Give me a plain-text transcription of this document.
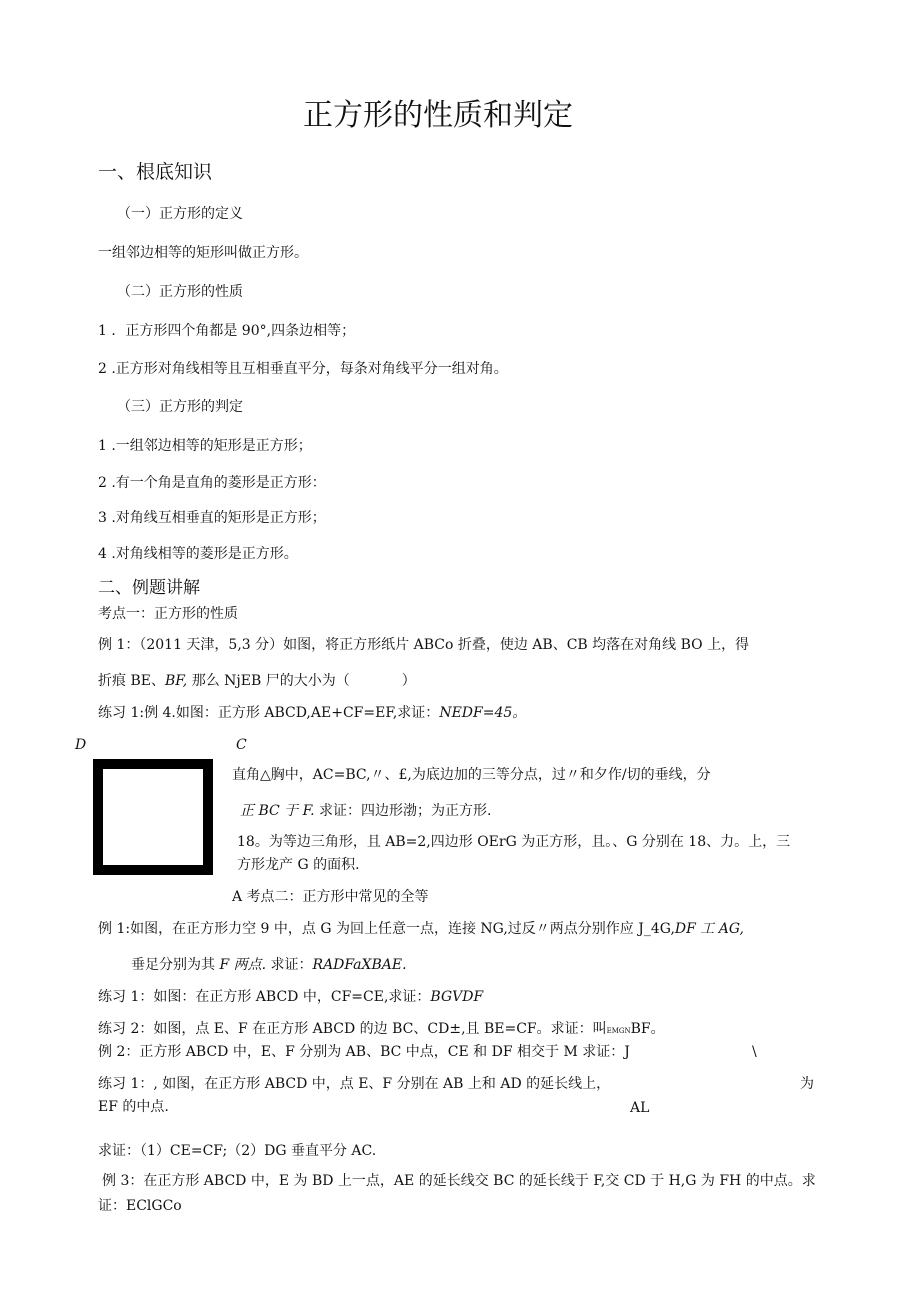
正方形的性质和判定
一、根底知识
（一）正方形的定义
一组邻边相等的矩形叫做正方形。
（二）正方形的性质
1 ．正方形四个角都是 90°,四条边相等；
2 .正方形对角线相等且互相垂直平分，每条对角线平分一组对角。
（三）正方形的判定
1 .一组邻边相等的矩形是正方形；
2 .有一个角是直角的菱形是正方形：
3 .对角线互相垂直的矩形是正方形；
4 .对角线相等的菱形是正方形。
二、例题讲解
考点一：正方形的性质
例 1：（2011 天津，5,3 分）如图，将正方形纸片 ABCo 折叠，使边 AB、CB 均落在对角线 BO 上，得
折痕 BE、BF, 那么 NjEB 尸的大小为（	）
练习 1:例 4.如图：正方形 ABCD,AE+CF=EF,求证：NEDF=45。
D	C
直角△胸中，AC=BC,〃、£,为底边加的三等分点，过〃和夕作/切的垂线，分
正 BC 于 F. 求证：四边形渤；为正方形.
18。为等边三角形，且 AB=2,四边形 OErG 为正方形，且。、G 分别在 18、力。上，三
方形龙产 G 的面积.
A 考点二：正方形中常见的全等
例 1:如图，在正方形力空 9 中，点 G 为回上任意一点，连接 NG,过反〃两点分别作应 J_4G,DF 工 AG,
垂足分别为其 F 两点. 求证：RADFaXBAE.
练习 1：如图：在正方形 ABCD 中，CF=CE,求证：BGVDF
练习 2：如图，点 E、F 在正方形 ABCD 的边 BC、CD±,且 BE=CF。求证：叫EMGNBF。
例 2：正方形 ABCD 中，E、F 分别为 AB、BC 中点，CE 和 DF 相交于 M 求证：J	\
练习 1：, 如图，在正方形 ABCD 中，点 E、F 分别在 AB 上和 AD 的延长线上，	为
EF 的中点.	AL
求证：（1）CE=CF;（2）DG 垂直平分 AC.
例 3：在正方形 ABCD 中，E 为 BD 上一点，AE 的延长线交 BC 的延长线于 F,交 CD 于 H,G 为 FH 的中点。求
证：EClGCo
